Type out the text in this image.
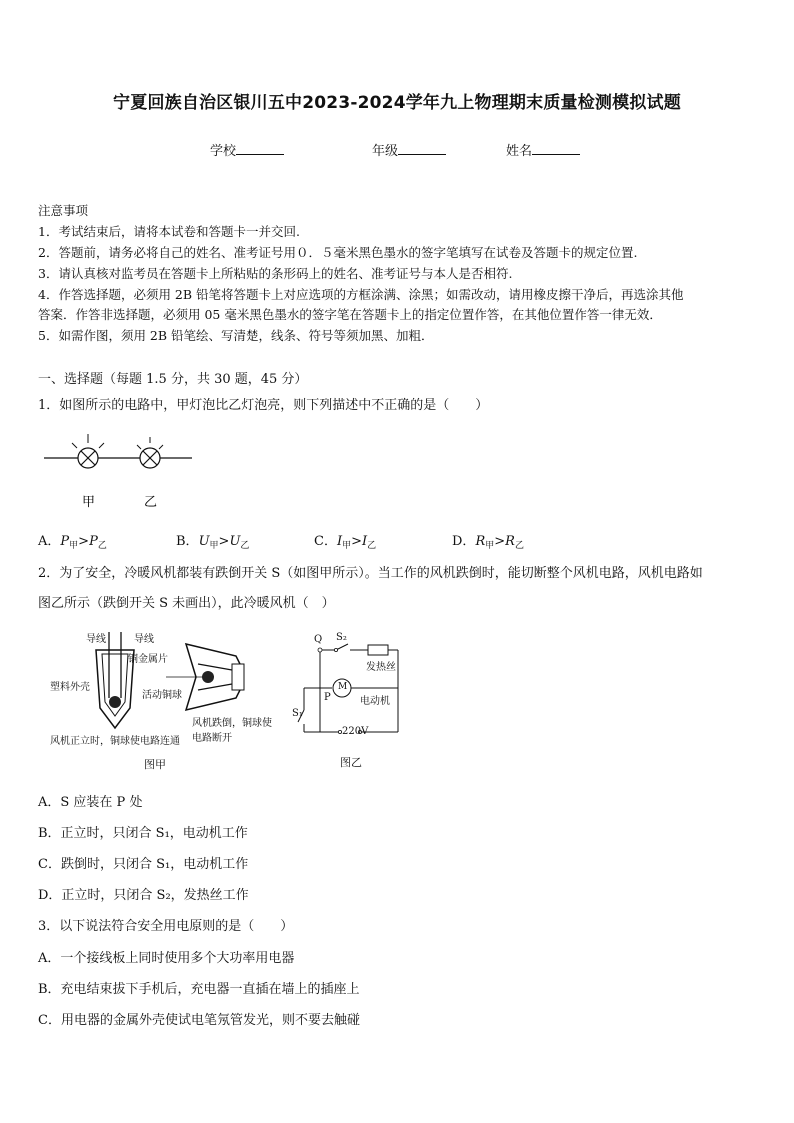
宁夏回族自治区银川五中2023-2024学年九上物理期末质量检测模拟试题
学校	年级	姓名
注意事项
1．考试结束后，请将本试卷和答题卡一并交回.
2．答题前，请务必将自己的姓名、准考证号用０．５毫米黑色墨水的签字笔填写在试卷及答题卡的规定位置.
3．请认真核对监考员在答题卡上所粘贴的条形码上的姓名、准考证号与本人是否相符.
4．作答选择题，必须用 2B 铅笔将答题卡上对应选项的方框涂满、涂黑；如需改动，请用橡皮擦干净后，再选涂其他
答案．作答非选择题，必须用 05 毫米黑色墨水的签字笔在答题卡上的指定位置作答，在其他位置作答一律无效．
5．如需作图，须用 2B 铅笔绘、写清楚，线条、符号等须加黑、加粗．
一、选择题（每题 1.5 分，共 30 题，45 分）
1．如图所示的电路中，甲灯泡比乙灯泡亮，则下列描述中不正确的是（　　）
甲	乙
A．$P_甲>P_乙$	B．$U_甲>U_乙$	C．$I_甲>I_乙$	D．$R_甲>R_乙$
2．为了安全，冷暖风机都装有跌倒开关 S（如图甲所示）。当工作的风机跌倒时，能切断整个风机电路，风机电路如
图乙所示（跌倒开关 S 未画出），此冷暖风机（　）
导线	导线
铜金属片
塑料外壳
活动铜球
风机正立时，铜球使电路连通
风机跌倒，铜球使
电路断开
图甲
Q S₂
发热丝
P
M
电动机
S₁
220V
图乙
A．S 应装在 P 处
B．正立时，只闭合 S₁，电动机工作
C．跌倒时，只闭合 S₁，电动机工作
D．正立时，只闭合 S₂，发热丝工作
3．以下说法符合安全用电原则的是（　　）
A．一个接线板上同时使用多个大功率用电器
B．充电结束拔下手机后，充电器一直插在墙上的插座上
C．用电器的金属外壳使试电笔氖管发光，则不要去触碰
